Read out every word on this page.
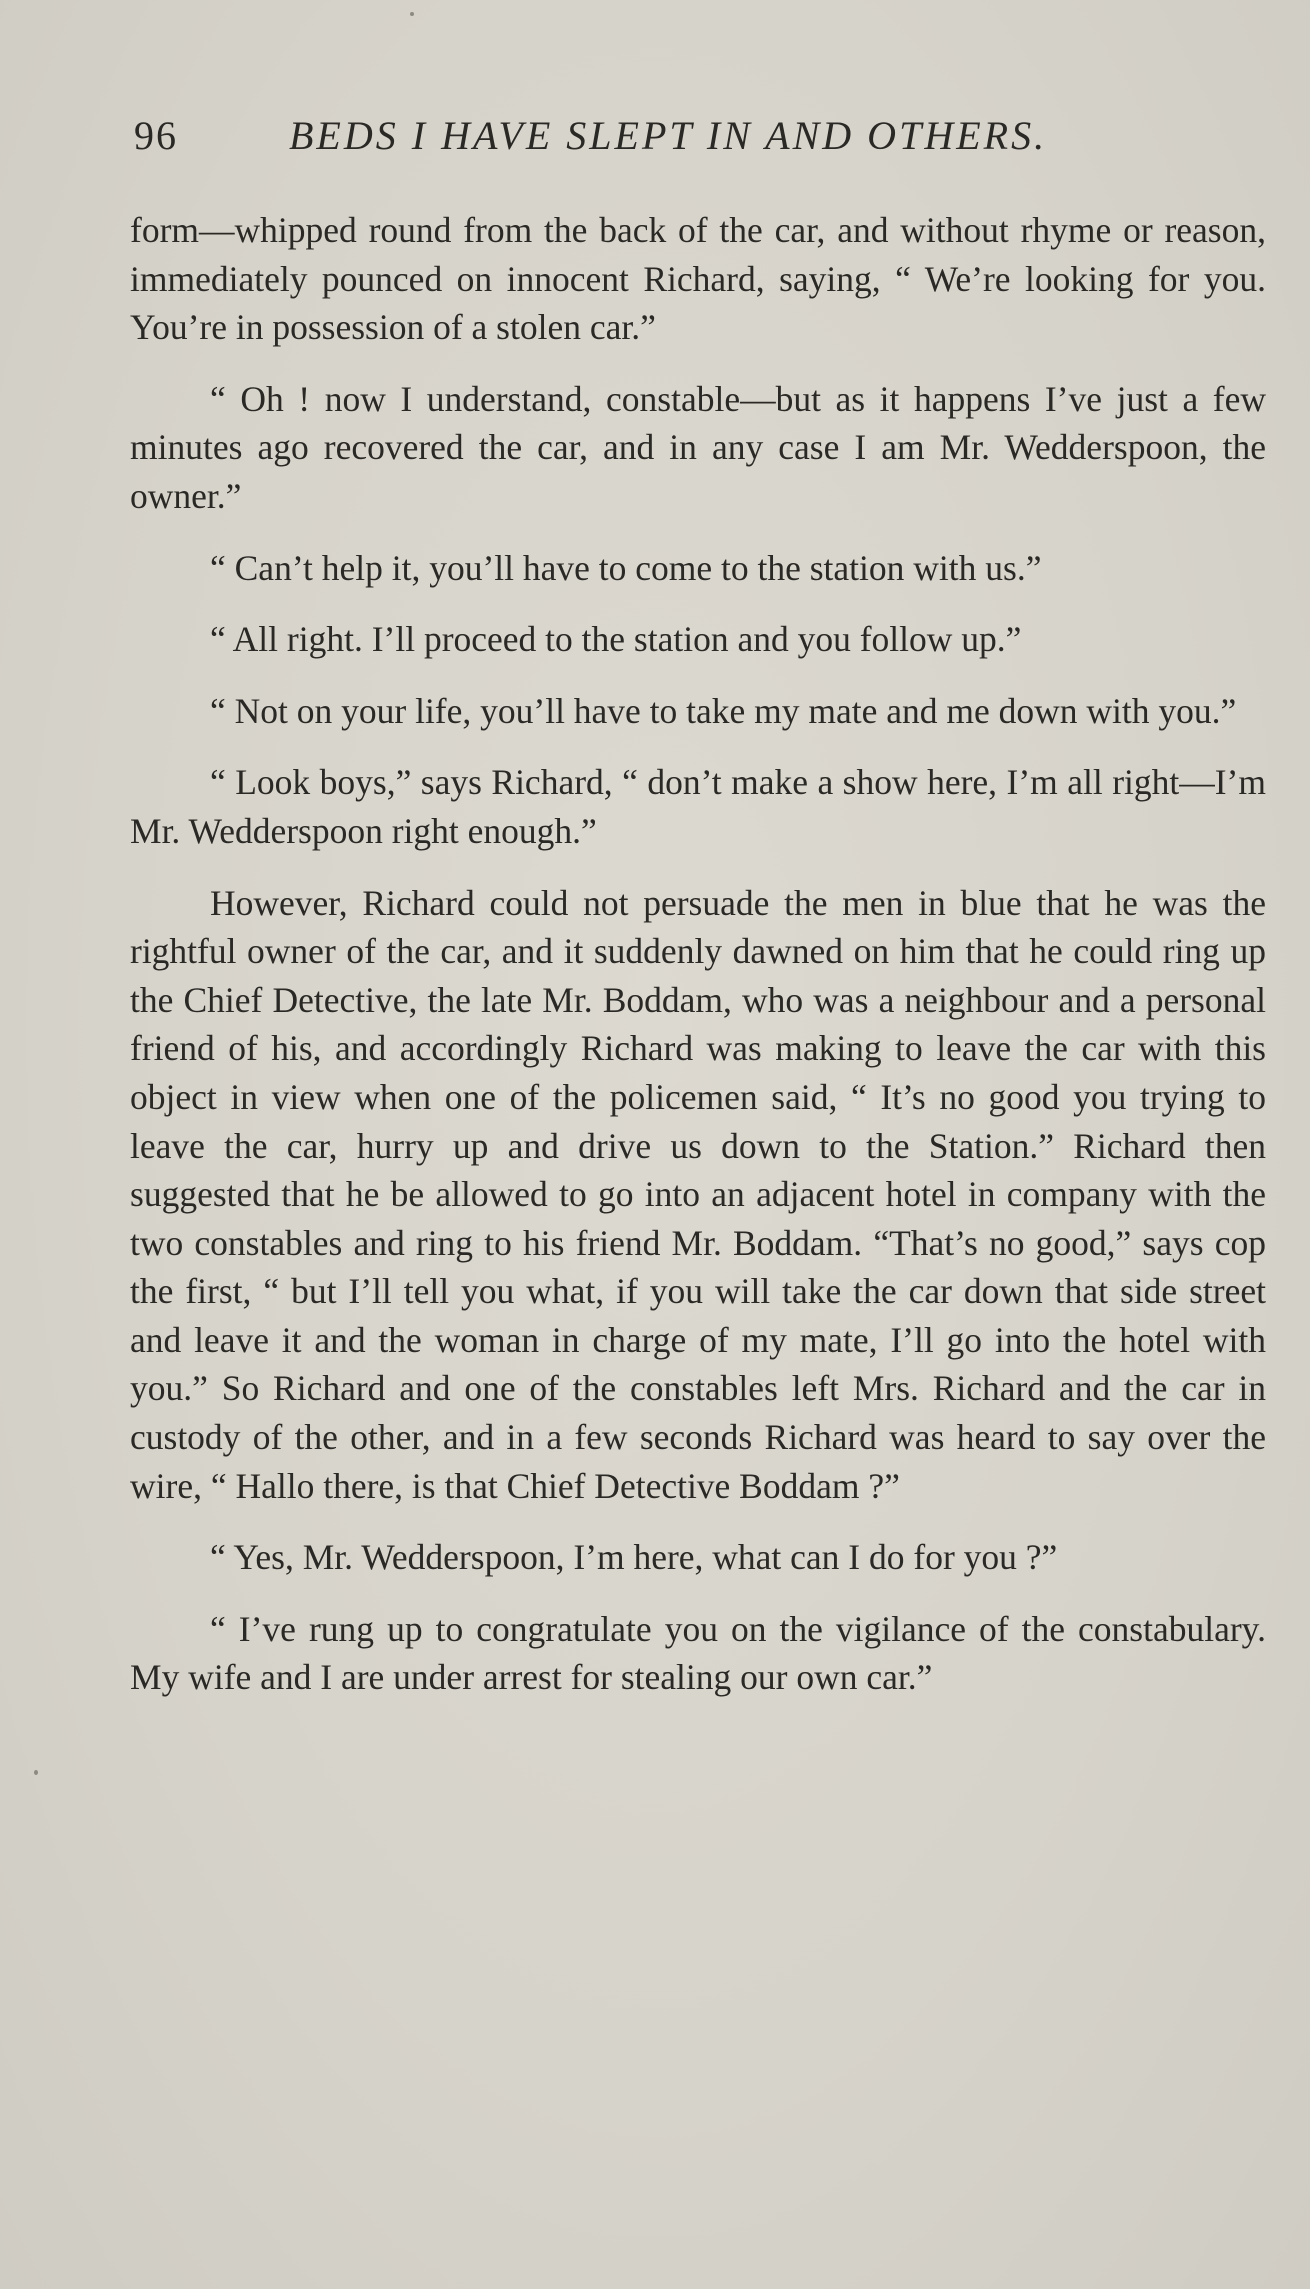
96	BEDS I HAVE SLEPT IN AND OTHERS.

form—whipped round from the back of the car, and without rhyme or reason, immediately pounced on innocent Richard, saying, “ We’re looking for you. You’re in possession of a stolen car.”

“ Oh ! now I understand, constable—but as it happens I’ve just a few minutes ago recovered the car, and in any case I am Mr. Wedderspoon, the owner.”

“ Can’t help it, you’ll have to come to the station with us.”

“ All right. I’ll proceed to the station and you follow up.”

“ Not on your life, you’ll have to take my mate and me down with you.”

“ Look boys,” says Richard, “ don’t make a show here, I’m all right—I’m Mr. Wedderspoon right enough.”

However, Richard could not persuade the men in blue that he was the rightful owner of the car, and it suddenly dawned on him that he could ring up the Chief Detective, the late Mr. Boddam, who was a neighbour and a personal friend of his, and accordingly Richard was making to leave the car with this object in view when one of the policemen said, “ It’s no good you trying to leave the car, hurry up and drive us down to the Station.” Richard then suggested that he be allowed to go into an adjacent hotel in company with the two constables and ring to his friend Mr. Boddam. “That’s no good,” says cop the first, “ but I’ll tell you what, if you will take the car down that side street and leave it and the woman in charge of my mate, I’ll go into the hotel with you.” So Richard and one of the constables left Mrs. Richard and the car in custody of the other, and in a few seconds Richard was heard to say over the wire, “ Hallo there, is that Chief Detective Boddam ?”

“ Yes, Mr. Wedderspoon, I’m here, what can I do for you ?”

“ I’ve rung up to congratulate you on the vigilance of the constabulary. My wife and I are under arrest for stealing our own car.”
